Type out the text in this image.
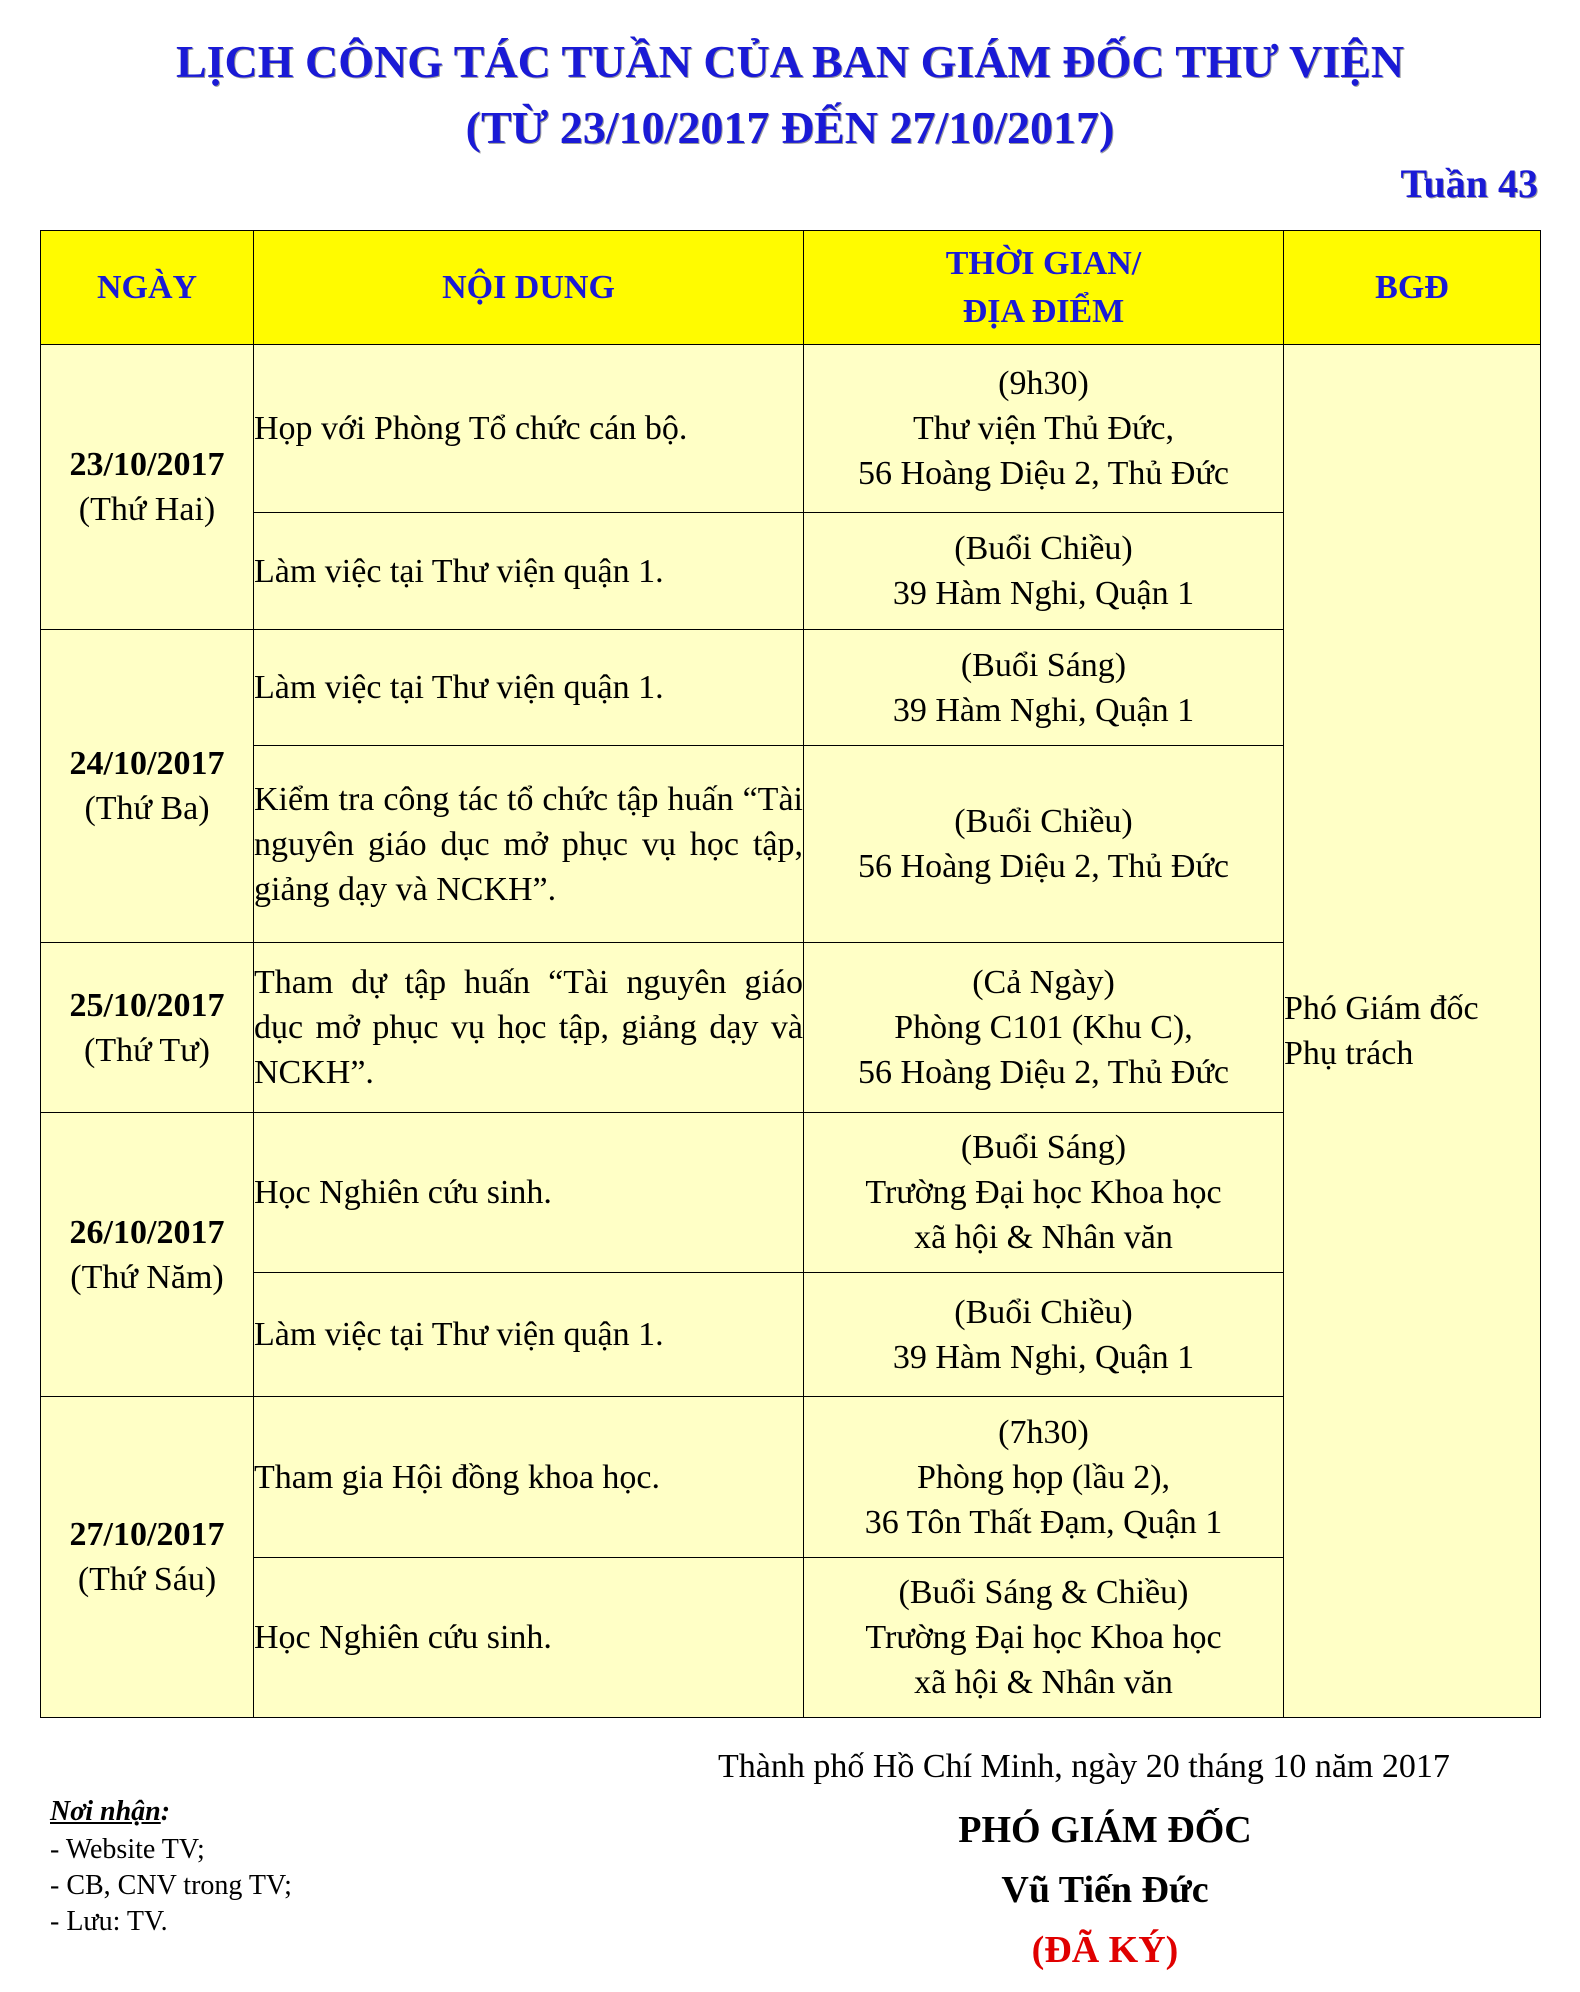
LỊCH CÔNG TÁC TUẦN CỦA BAN GIÁM ĐỐC THƯ VIỆN
(TỪ 23/10/2017 ĐẾN 27/10/2017)
Tuần 43
NGÀY	NỘI DUNG	THỜI GIAN/
ĐỊA ĐIỂM	BGĐ

23/10/2017
(Thứ Hai)	Họp với Phòng Tổ chức cán bộ.	(9h30)
Thư viện Thủ Đức,
56 Hoàng Diệu 2, Thủ Đức	Phó Giám đốc
Phụ trách

	Làm việc tại Thư viện quận 1.	(Buổi Chiều)
39 Hàm Nghi, Quận 1	

24/10/2017
(Thứ Ba)	Làm việc tại Thư viện quận 1.	(Buổi Sáng)
39 Hàm Nghi, Quận 1	

	Kiểm tra công tác tổ chức tập huấn “Tài nguyên giáo dục mở phục vụ học tập, giảng dạy và NCKH”.	(Buổi Chiều)
56 Hoàng Diệu 2, Thủ Đức	

25/10/2017
(Thứ Tư)	Tham dự tập huấn “Tài nguyên giáo dục mở phục vụ học tập, giảng dạy và NCKH”.	(Cả Ngày)
Phòng C101 (Khu C),
56 Hoàng Diệu 2, Thủ Đức	

26/10/2017
(Thứ Năm)	Học Nghiên cứu sinh.	(Buổi Sáng)
Trường Đại học Khoa học
xã hội & Nhân văn	

	Làm việc tại Thư viện quận 1.	(Buổi Chiều)
39 Hàm Nghi, Quận 1	

27/10/2017
(Thứ Sáu)	Tham gia Hội đồng khoa học.	(7h30)
Phòng họp (lầu 2),
36 Tôn Thất Đạm, Quận 1	

	Học Nghiên cứu sinh.	(Buổi Sáng & Chiều)
Trường Đại học Khoa học
xã hội & Nhân văn	
Thành phố Hồ Chí Minh, ngày 20 tháng 10 năm 2017
PHÓ GIÁM ĐỐC
Vũ Tiến Đức
(ĐÃ KÝ)
Nơi nhận:
- Website TV;
- CB, CNV trong TV;
- Lưu: TV.
